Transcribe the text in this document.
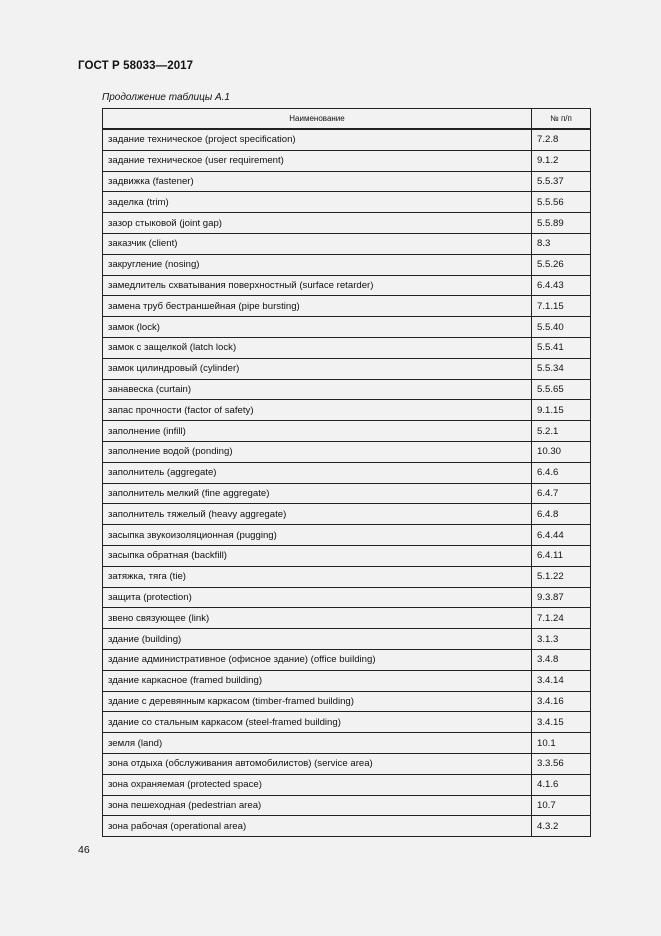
ГОСТ Р 58033—2017
Продолжение таблицы А.1
Наименование	№ п/п
задание техническое (project specification)	7.2.8
задание техническое (user requirement)	9.1.2
задвижка (fastener)	5.5.37
заделка (trim)	5.5.56
зазор стыковой (joint gap)	5.5.89
заказчик (client)	8.3
закругление (nosing)	5.5.26
замедлитель схватывания поверхностный (surface retarder)	6.4.43
замена труб бестраншейная (pipe bursting)	7.1.15
замок (lock)	5.5.40
замок с защелкой (latch lock)	5.5.41
замок цилиндровый (cylinder)	5.5.34
занавеска (curtain)	5.5.65
запас прочности (factor of safety)	9.1.15
заполнение (infill)	5.2.1
заполнение водой (ponding)	10.30
заполнитель (aggregate)	6.4.6
заполнитель мелкий (fine aggregate)	6.4.7
заполнитель тяжелый (heavy aggregate)	6.4.8
засыпка звукоизоляционная (pugging)	6.4.44
засыпка обратная (backfill)	6.4.11
затяжка, тяга (tie)	5.1.22
защита (protection)	9.3.87
звено связующее (link)	7.1.24
здание (building)	3.1.3
здание административное (офисное здание) (office building)	3.4.8
здание каркасное (framed building)	3.4.14
здание с деревянным каркасом (timber-framed building)	3.4.16
здание со стальным каркасом (steel-framed building)	3.4.15
земля (land)	10.1
зона отдыха (обслуживания автомобилистов) (service area)	3.3.56
зона охраняемая (protected space)	4.1.6
зона пешеходная (pedestrian area)	10.7
зона рабочая (operational area)	4.3.2
46
